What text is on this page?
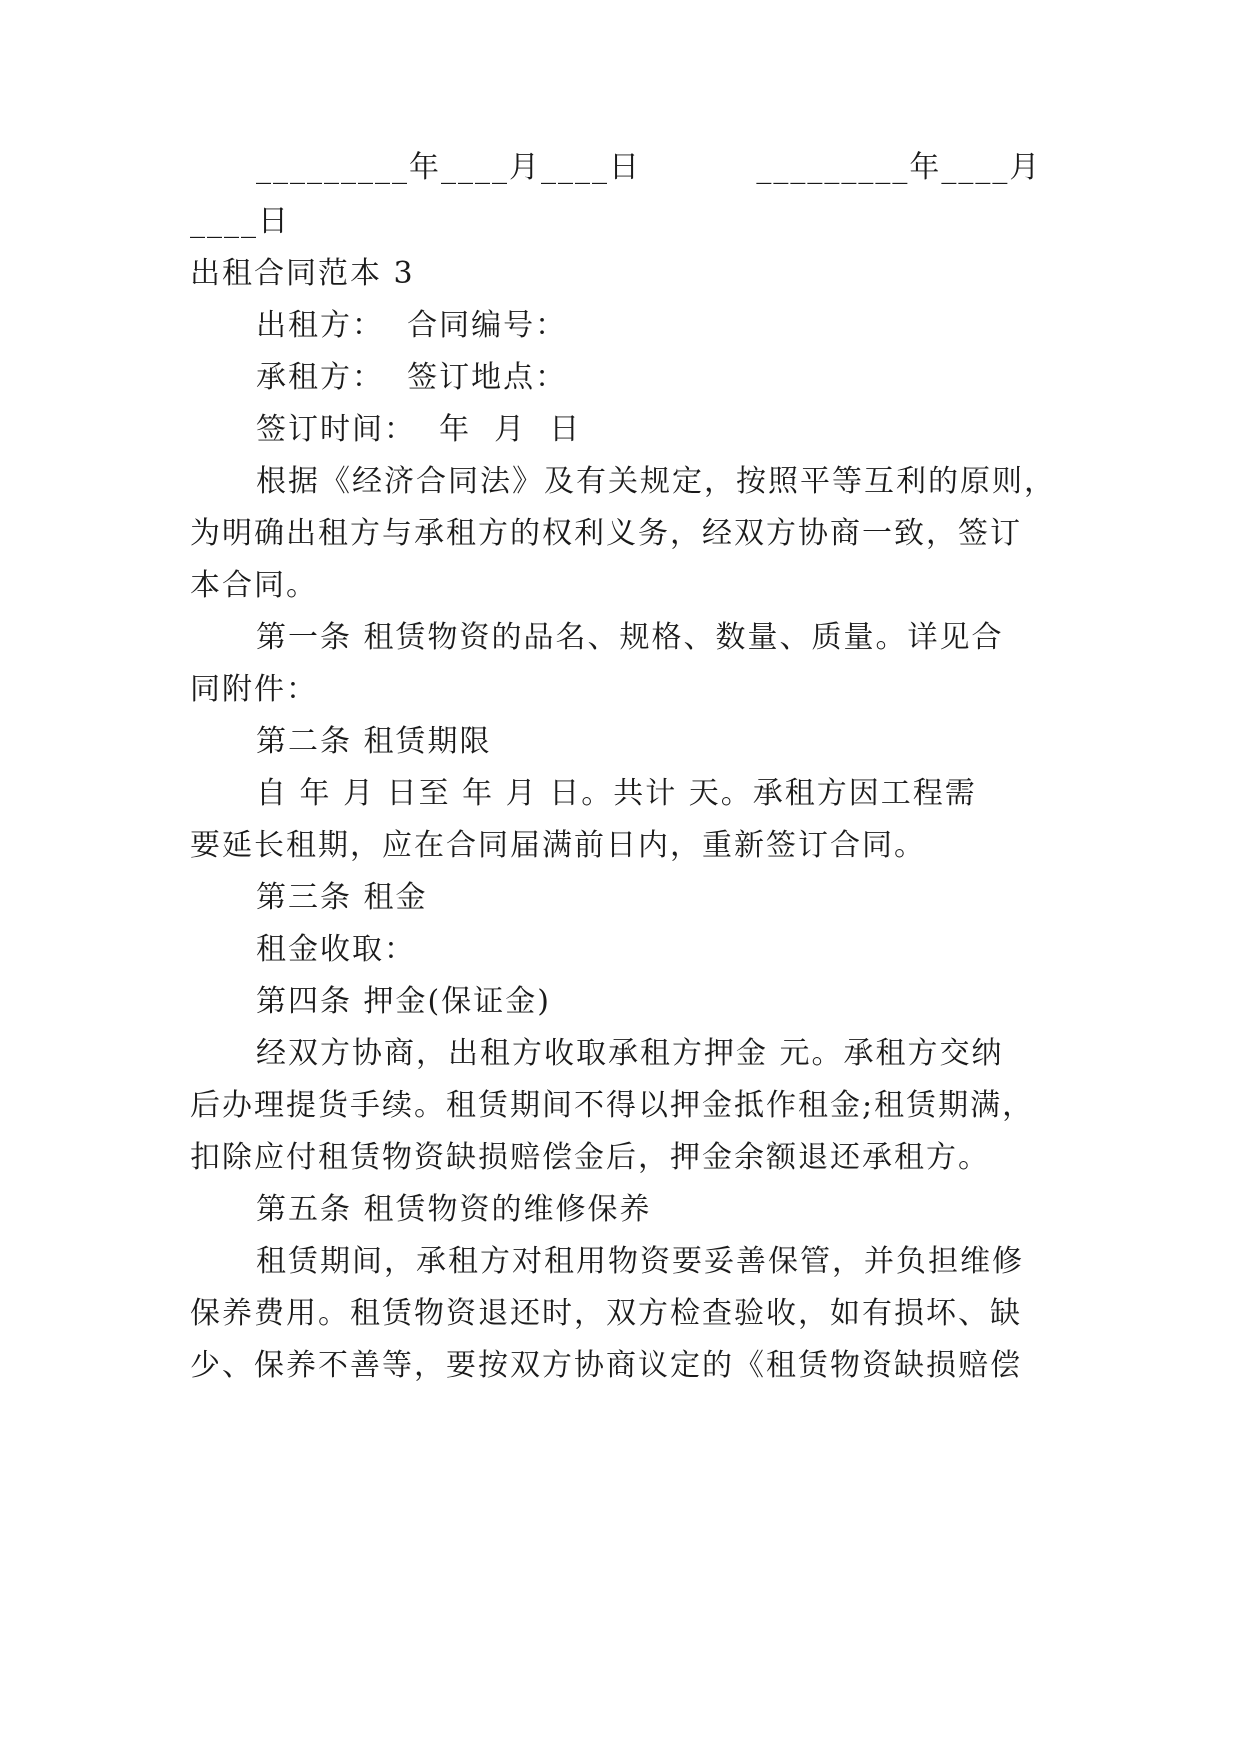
_________年____月____日          _________年____月
____日
出租合同范本 3
出租方：  合同编号：
承租方：  签订地点：
签订时间：  年  月  日
根据《经济合同法》及有关规定，按照平等互利的原则，
为明确出租方与承租方的权利义务，经双方协商一致，签订
本合同。
第一条 租赁物资的品名、规格、数量、质量。详见合
同附件：
第二条 租赁期限
自 年 月 日至 年 月 日。共计 天。承租方因工程需
要延长租期，应在合同届满前日内，重新签订合同。
第三条 租金
租金收取：
第四条 押金(保证金)
经双方协商，出租方收取承租方押金 元。承租方交纳
后办理提货手续。租赁期间不得以押金抵作租金;租赁期满，
扣除应付租赁物资缺损赔偿金后，押金余额退还承租方。
第五条 租赁物资的维修保养
租赁期间，承租方对租用物资要妥善保管，并负担维修
保养费用。租赁物资退还时，双方检查验收，如有损坏、缺
少、保养不善等，要按双方协商议定的《租赁物资缺损赔偿
